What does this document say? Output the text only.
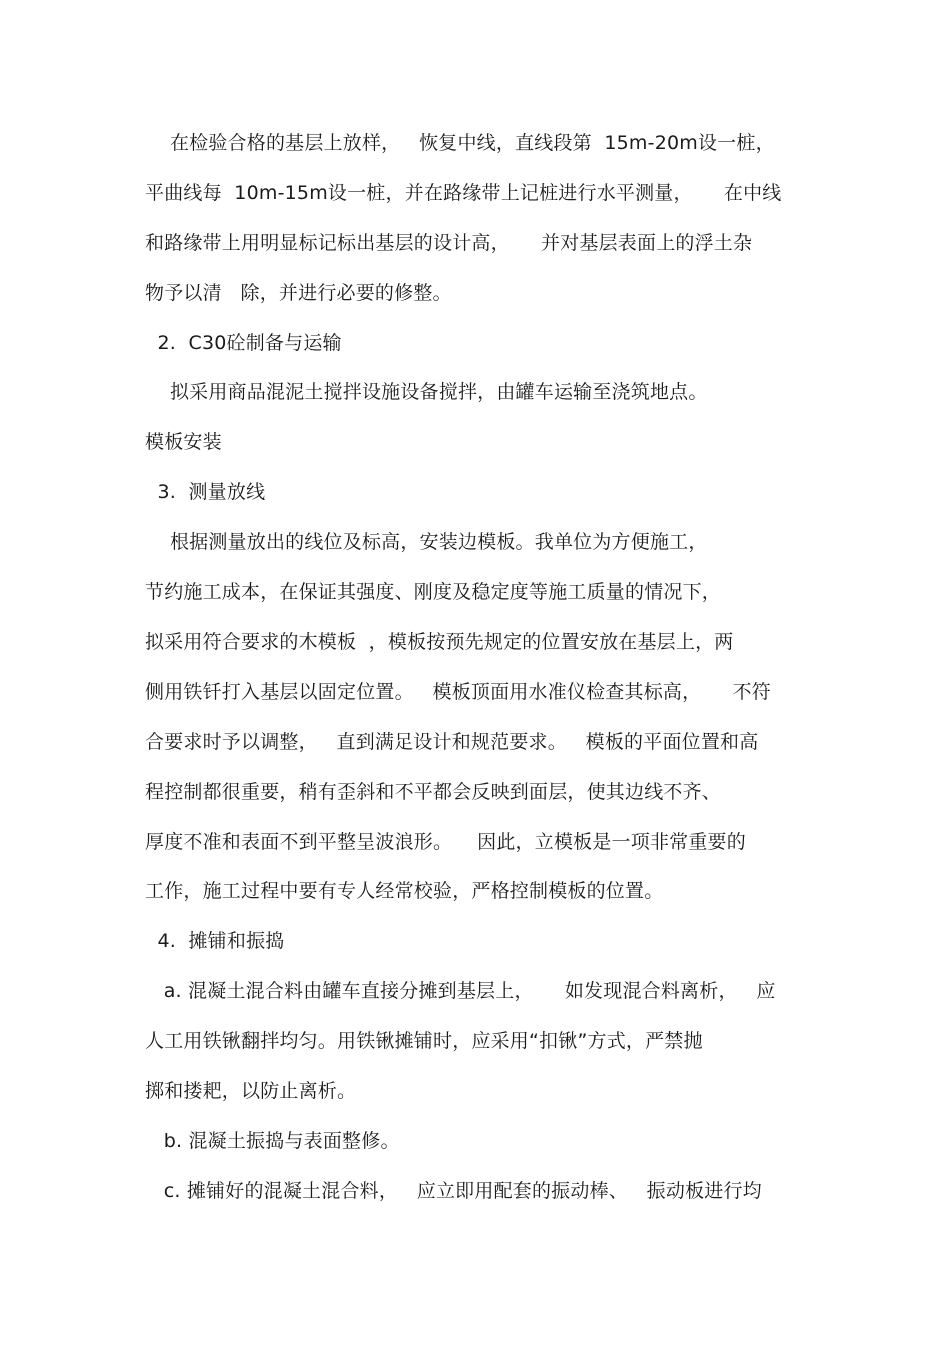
在检验合格的基层上放样，   恢复中线，直线段第  15m-20m设一桩，
平曲线每  10m-15m设一桩，并在路缘带上记桩进行水平测量，     在中线
和路缘带上用明显标记标出基层的设计高，     并对基层表面上的浮土杂
物予以清   除，并进行必要的修整。
2.  C30砼制备与运输
拟采用商品混泥土搅拌设施设备搅拌，由罐车运输至浇筑地点。
模板安装
3.  测量放线
根据测量放出的线位及标高，安装边模板。我单位为方便施工，
节约施工成本，在保证其强度、刚度及稳定度等施工质量的情况下，
拟采用符合要求的木模板  ，模板按预先规定的位置安放在基层上，两
侧用铁钎打入基层以固定位置。   模板顶面用水准仪检查其标高，     不符
合要求时予以调整，   直到满足设计和规范要求。   模板的平面位置和高
程控制都很重要，稍有歪斜和不平都会反映到面层，使其边线不齐、
厚度不准和表面不到平整呈波浪形。    因此，立模板是一项非常重要的
工作，施工过程中要有专人经常校验，严格控制模板的位置。
4.  摊铺和振捣
a. 混凝土混合料由罐车直接分摊到基层上，     如发现混合料离析，   应
人工用铁锹翻拌均匀。用铁锹摊铺时，应采用“扣锹”方式，严禁抛
掷和搂耙，以防止离析。
b. 混凝土振捣与表面整修。
c. 摊铺好的混凝土混合料，   应立即用配套的振动棒、   振动板进行均
